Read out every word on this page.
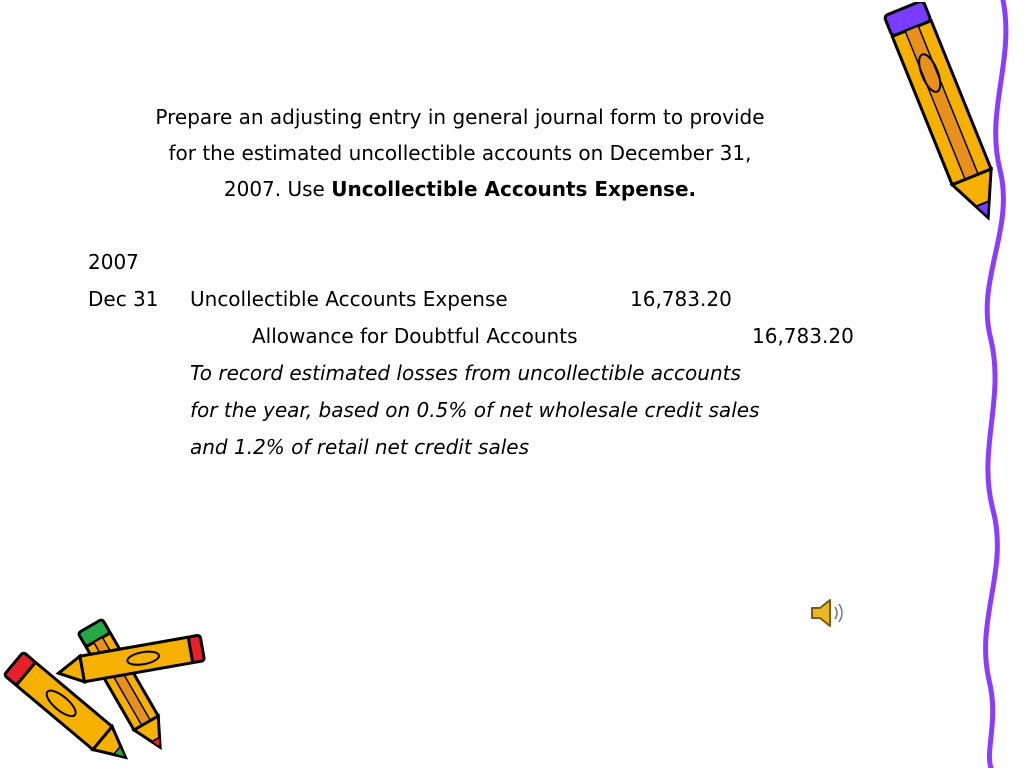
Prepare an adjusting entry in general journal form to provide
for the estimated uncollectible accounts on December 31,
2007. Use Uncollectible Accounts Expense.
2007
Dec 31 Uncollectible Accounts Expense	16,783.20
Allowance for Doubtful Accounts	16,783.20
To record estimated losses from uncollectible accounts
for the year, based on 0.5% of net wholesale credit sales
and 1.2% of retail net credit sales
